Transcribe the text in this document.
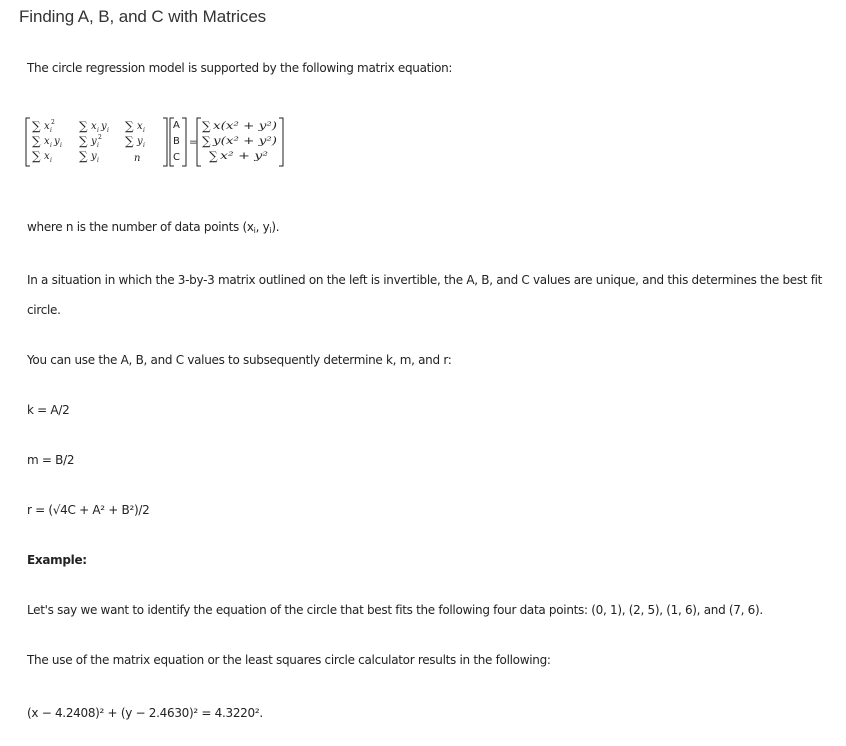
Finding A, B, and C with Matrices
The circle regression model is supported by the following matrix equation:
∑ x i
2 ∑ x i y i ∑ x i
∑ x i y i ∑ y i
2 ∑ y i
∑ x i ∑ y i	n
A
B
C
=
∑ x(x² + y²)
∑ y(x² + y²)
∑ x² + y²
where n is the number of data points ($x_i$, $y_i$).
In a situation in which the 3-by-3 matrix outlined on the left is invertible, the A, B, and C values are unique, and this determines the best fit
circle.
You can use the A, B, and C values to subsequently determine k, m, and r:
k = A/2
m = B/2
r = (√4C + A² + B²)/2
Example:
Let's say we want to identify the equation of the circle that best fits the following four data points: (0, 1), (2, 5), (1, 6), and (7, 6).
The use of the matrix equation or the least squares circle calculator results in the following:
(x − 4.2408)² + (y − 2.4630)² = 4.3220².
